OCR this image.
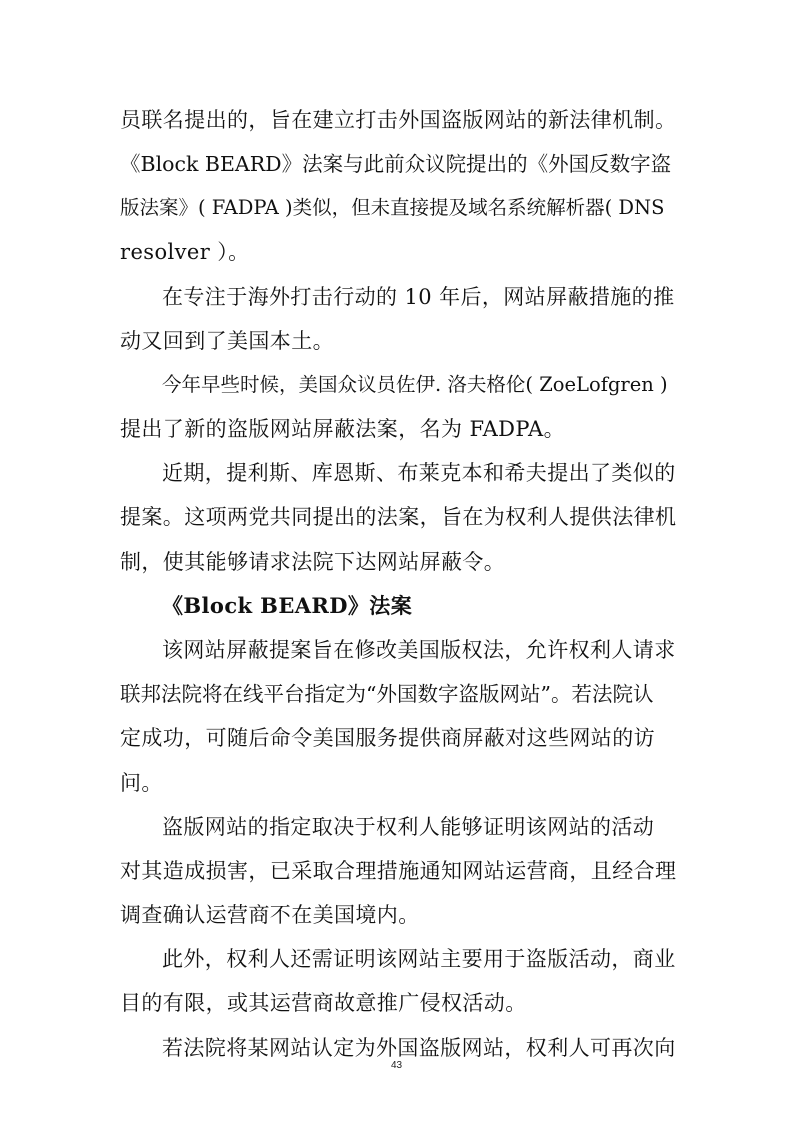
员联名提出的，旨在建立打击外国盗版网站的新法律机制。
《Block BEARD》法案与此前众议院提出的《外国反数字盗
版法案》( FADPA )类似，但未直接提及域名系统解析器( DNS
resolver ）。
在专注于海外打击行动的 10 年后，网站屏蔽措施的推
动又回到了美国本土。
今年早些时候，美国众议员佐伊. 洛夫格伦( ZoeLofgren )
提出了新的盗版网站屏蔽法案，名为 FADPA。
近期，提利斯、库恩斯、布莱克本和希夫提出了类似的
提案。这项两党共同提出的法案，旨在为权利人提供法律机
制，使其能够请求法院下达网站屏蔽令。
《Block BEARD》法案
该网站屏蔽提案旨在修改美国版权法，允许权利人请求
联邦法院将在线平台指定为“外国数字盗版网站”。若法院认
定成功，可随后命令美国服务提供商屏蔽对这些网站的访
问。
盗版网站的指定取决于权利人能够证明该网站的活动
对其造成损害，已采取合理措施通知网站运营商，且经合理
调查确认运营商不在美国境内。
此外，权利人还需证明该网站主要用于盗版活动，商业
目的有限，或其运营商故意推广侵权活动。
若法院将某网站认定为外国盗版网站，权利人可再次向
43
